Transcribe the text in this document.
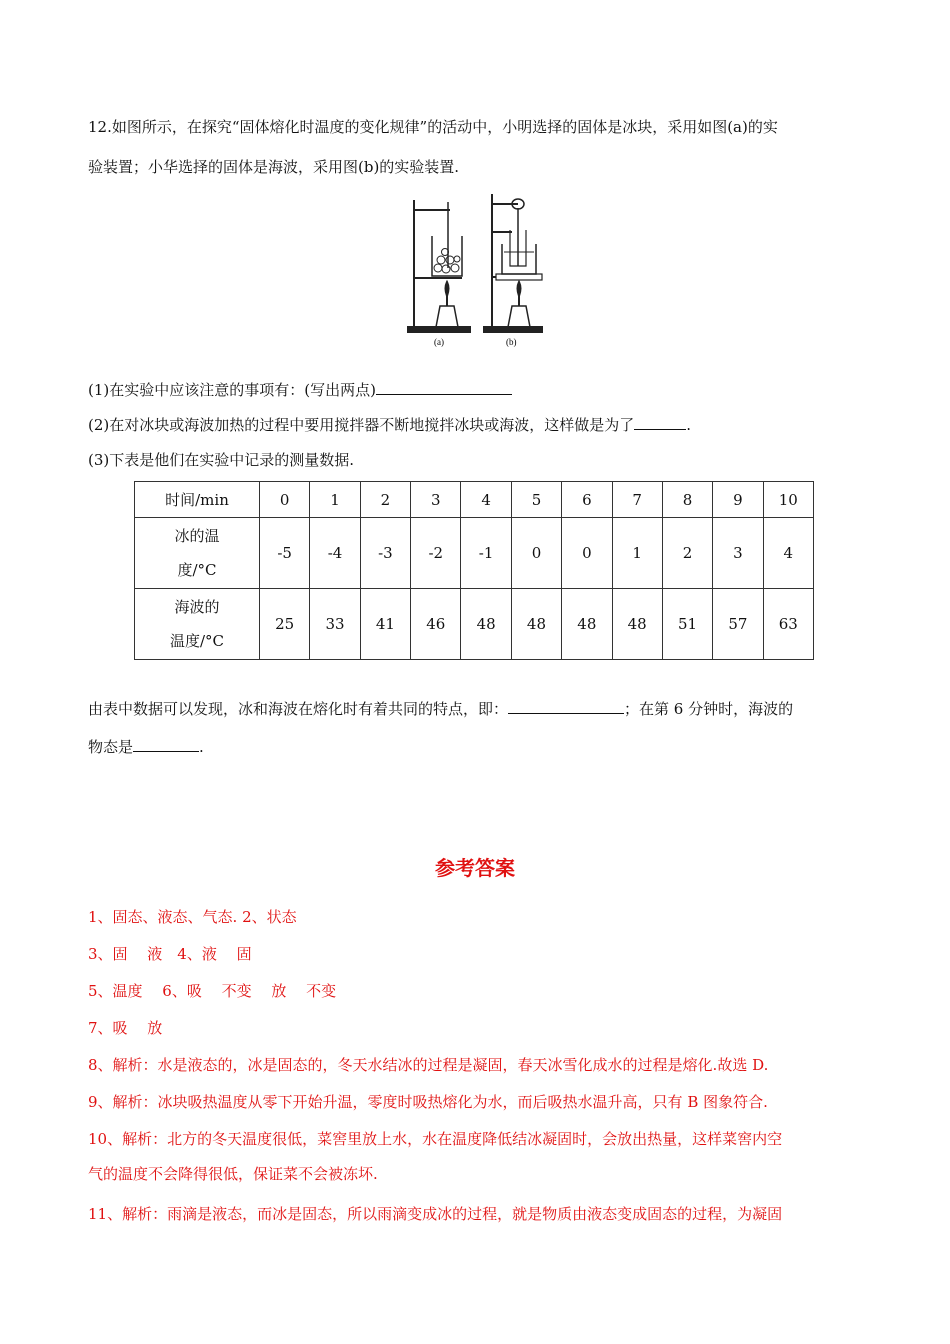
12.如图所示，在探究“固体熔化时温度的变化规律”的活动中，小明选择的固体是冰块，采用如图(a)的实
验装置；小华选择的固体是海波，采用图(b)的实验装置.
(a)	(b)
(1)在实验中应该注意的事项有：(写出两点)
(2)在对冰块或海波加热的过程中要用搅拌器不断地搅拌冰块或海波，这样做是为了	.
(3)下表是他们在实验中记录的测量数据.
时间/min	0	1	2	3	4	5	6	7	8	9	10
冰的温
度/°C	-5	-4	-3	-2	-1	0	0	1	2	3	4
海波的
温度/°C	25	33	41	46	48	48	48	48	51	57	63
由表中数据可以发现，冰和海波在熔化时有着共同的特点，即：	；在第 6 分钟时，海波的
物态是	.
参考答案
1、固态、液态、气态. 2、状态
3、固　 液　4、液　 固
5、温度　 6、吸　 不变　 放　 不变
7、吸　 放
8、解析：水是液态的，冰是固态的，冬天水结冰的过程是凝固，春天冰雪化成水的过程是熔化.故选 D.
9、解析：冰块吸热温度从零下开始升温，零度时吸热熔化为水，而后吸热水温升高，只有 B 图象符合.
10、解析：北方的冬天温度很低，菜窖里放上水，水在温度降低结冰凝固时，会放出热量，这样菜窖内空
气的温度不会降得很低，保证菜不会被冻坏.
11、解析：雨滴是液态，而冰是固态，所以雨滴变成冰的过程，就是物质由液态变成固态的过程，为凝固
